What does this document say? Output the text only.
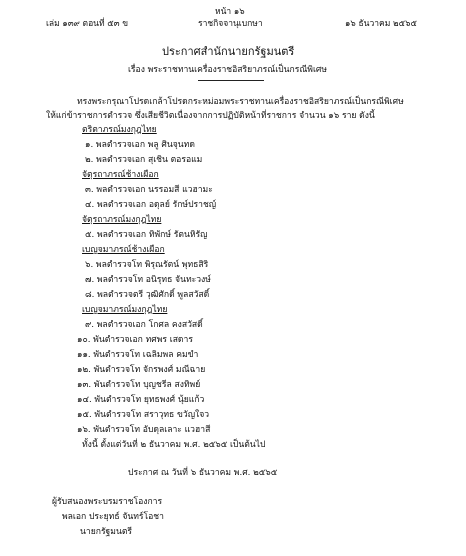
หน้า ๑๖
เล่ม ๑๓๙ ตอนที่ ๕๓ ข	ราชกิจจานุเบกษา	๑๖ ธันวาคม ๒๕๖๕
ประกาศสำนักนายกรัฐมนตรี
เรื่อง พระราชทานเครื่องราชอิสริยาภรณ์เป็นกรณีพิเศษ
ทรงพระกรุณาโปรดเกล้าโปรดกระหม่อมพระราชทานเครื่องราชอิสริยาภรณ์เป็นกรณีพิเศษ
ให้แก่ข้าราชการตำรวจ ซึ่งเสียชีวิตเนื่องจากการปฏิบัติหน้าที่ราชการ จำนวน ๑๖ ราย ดังนี้
ตริตาภรณ์มงกุฎไทย
๑. พลตำรวจเอก พลู ศินจุนทด
๒. พลตำรวจเอก สุเชิน ตอรอแม
จัตุรถาภรณ์ช้างเผือก
๓. พลตำรวจเอก นรรอมสี แวฮามะ
๔. พลตำรวจเอก อดุลย์ รักษ์ปราชญ์
จัตุรถาภรณ์มงกุฎไทย
๕. พลตำรวจเอก ทิพักษ์ รัตนหิรัญ
เบญจมาภรณ์ช้างเผือก
๖. พลตำรวจโท พิรุณรัตน์ พุทธสิริ
๗. พลตำรวจโท อนิรุทธ จันทะวงษ์
๘. พลตำรวจตรี วุฒิศักดิ์ พูลสวัสดิ์
เบญจมาภรณ์มงกุฎไทย
๙. พลตำรวจเอก โกศล คงสวัสดิ์
๑๐. พันตำรวจเอก ทศพร เสดาร
๑๑. พันตำรวจโท เฉลิมพล คมขำ
๑๒. พันตำรวจโท จักรพงศ์ มณีฉาย
๑๓. พันตำรวจโท บุญชรีล สงทิพย์
๑๔. พันตำรวจโท ยุทธพงศ์ นุ้ยแก้ว
๑๕. พันตำรวจโท สราวุทธ ขวัญใจว
๑๖. พันตำรวจโท อับดุลเลาะ แวฮาสี
ทั้งนี้ ตั้งแต่วันที่ ๒ ธันวาคม พ.ศ. ๒๕๖๕ เป็นต้นไป
ประกาศ ณ วันที่ ๖ ธันวาคม พ.ศ. ๒๕๖๕
ผู้รับสนองพระบรมราชโองการ
พลเอก ประยุทธ์ จันทร์โอชา
นายกรัฐมนตรี
